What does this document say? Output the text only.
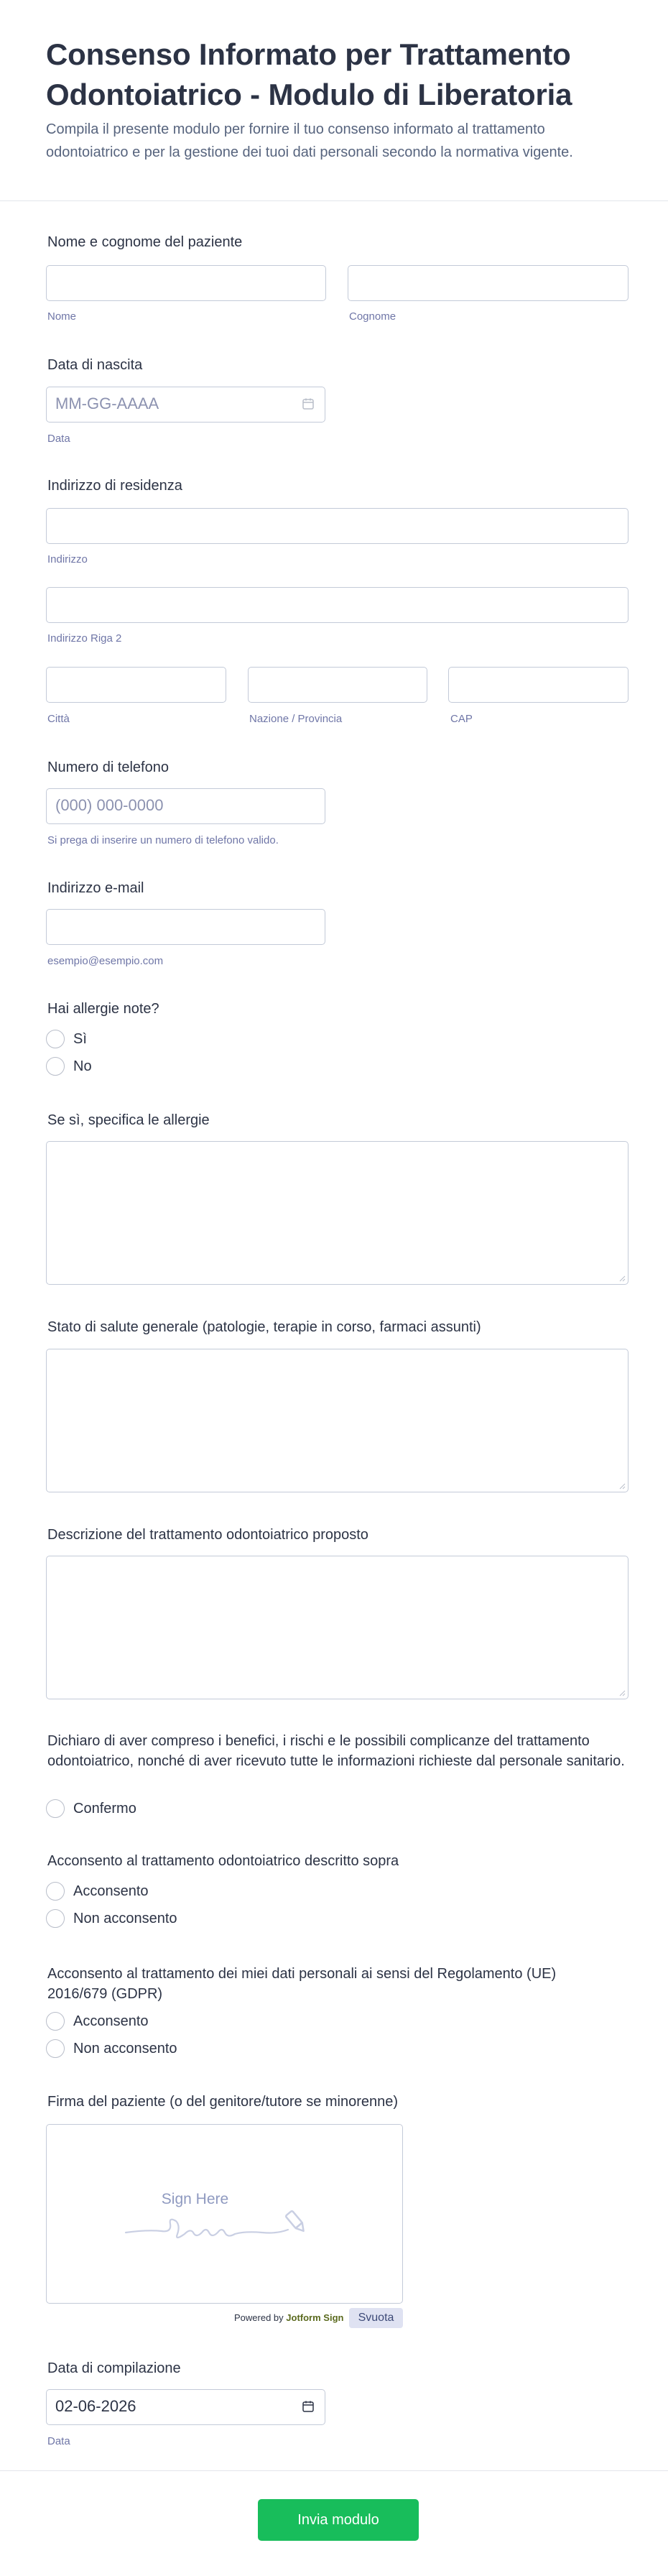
Consenso Informato per Trattamento Odontoiatrico - Modulo di Liberatoria

Compila il presente modulo per fornire il tuo consenso informato al trattamento odontoiatrico e per la gestione dei tuoi dati personali secondo la normativa vigente.

Nome e cognome del paziente
Nome	Cognome
Data di nascita
MM-GG-AAAA
Data
Indirizzo di residenza
Indirizzo
Indirizzo Riga 2
Città	Nazione / Provincia	CAP
Numero di telefono
(000) 000-0000
Si prega di inserire un numero di telefono valido.
Indirizzo e-mail
esempio@esempio.com
Hai allergie note?
Sì
No
Se sì, specifica le allergie
Stato di salute generale (patologie, terapie in corso, farmaci assunti)
Descrizione del trattamento odontoiatrico proposto
Dichiaro di aver compreso i benefici, i rischi e le possibili complicanze del trattamento odontoiatrico, nonché di aver ricevuto tutte le informazioni richieste dal personale sanitario.
Confermo
Acconsento al trattamento odontoiatrico descritto sopra
Acconsento
Non acconsento
Acconsento al trattamento dei miei dati personali ai sensi del Regolamento (UE) 2016/679 (GDPR)
Acconsento
Non acconsento
Firma del paziente (o del genitore/tutore se minorenne)
Sign Here
Powered by Jotform Sign	Svuota
Data di compilazione
02-06-2026
Data
Invia modulo
